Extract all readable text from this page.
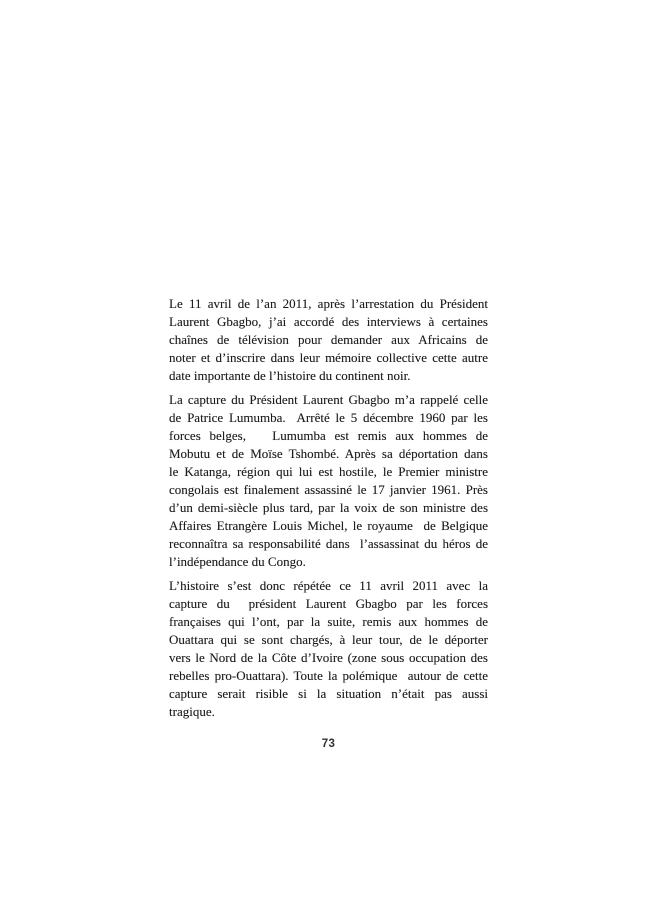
Le 11 avril de l’an 2011, après l’arrestation du Président
Laurent Gbagbo, j’ai accordé des interviews à certaines
chaînes de télévision pour demander aux Africains de
noter et d’inscrire dans leur mémoire collective cette autre
date importante de l’histoire du continent noir.
La capture du Président Laurent Gbagbo m’a rappelé celle
de Patrice Lumumba.  Arrêté le 5 décembre 1960 par les
forces belges,   Lumumba est remis aux hommes de
Mobutu et de Moïse Tshombé. Après sa déportation dans
le Katanga, région qui lui est hostile, le Premier ministre
congolais est finalement assassiné le 17 janvier 1961. Près
d’un demi-siècle plus tard, par la voix de son ministre des
Affaires Etrangère Louis Michel, le royaume  de Belgique
reconnaîtra sa responsabilité dans  l’assassinat du héros de
l’indépendance du Congo.
L’histoire s’est donc répétée ce 11 avril 2011 avec la
capture du  président Laurent Gbagbo par les forces
françaises qui l’ont, par la suite, remis aux hommes de
Ouattara qui se sont chargés, à leur tour, de le déporter
vers le Nord de la Côte d’Ivoire (zone sous occupation des
rebelles pro-Ouattara). Toute la polémique  autour de cette
capture serait risible si la situation n’était pas aussi
tragique.
73
